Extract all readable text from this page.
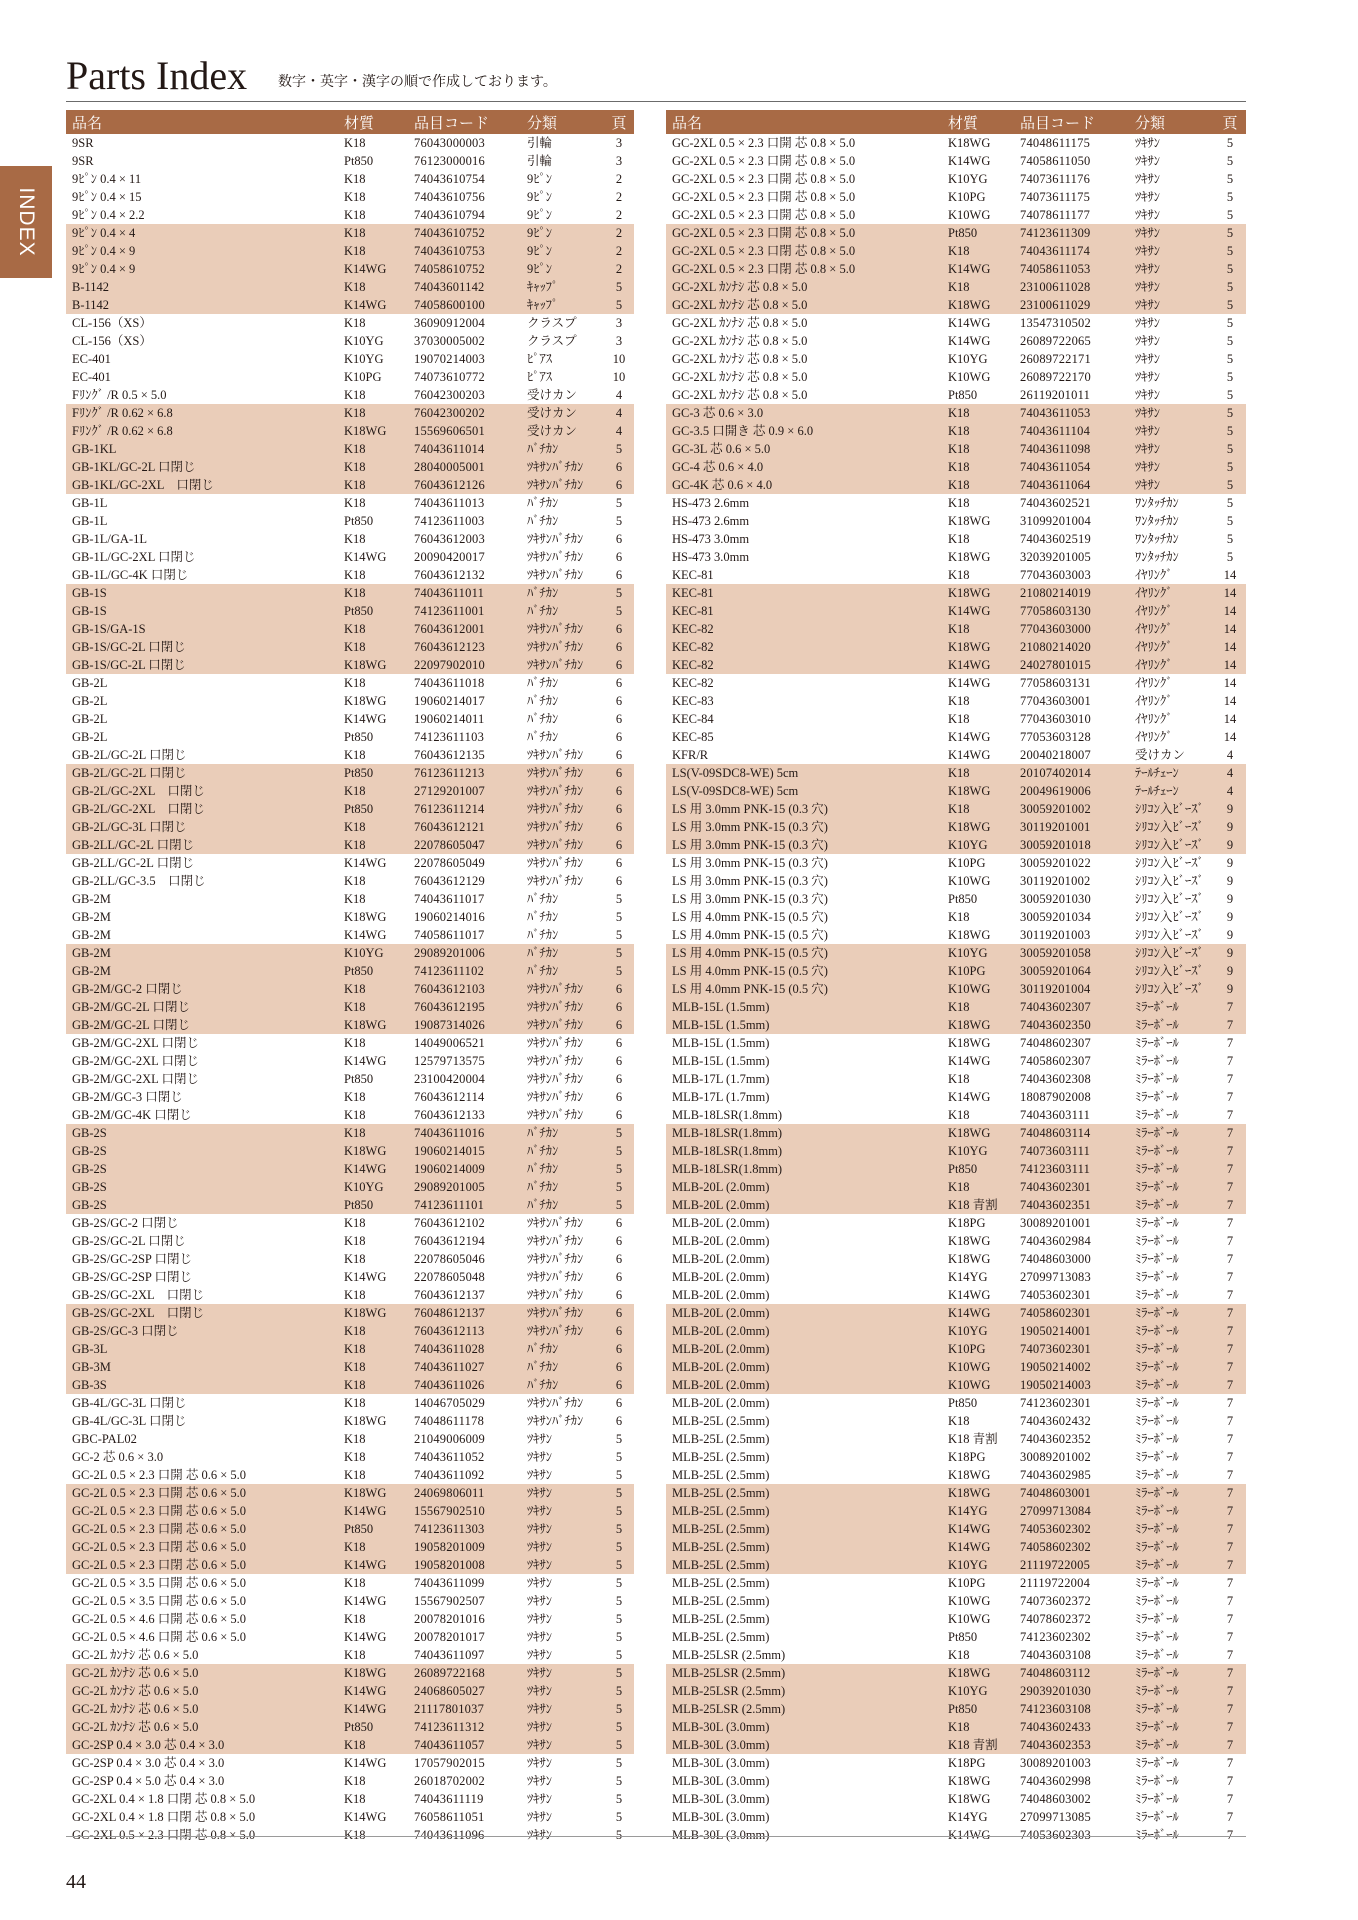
Parts Index 数字・英字・漢字の順で作成しております。
INDEX
品名	材質	品目コード	分類	頁
9SR	K18	76043000003	引輪	3
9SR	Pt850	76123000016	引輪	3
9ﾋﾟﾝ 0.4 × 11	K18	74043610754	9ﾋﾟﾝ	2
9ﾋﾟﾝ 0.4 × 15	K18	74043610756	9ﾋﾟﾝ	2
9ﾋﾟﾝ 0.4 × 2.2	K18	74043610794	9ﾋﾟﾝ	2
9ﾋﾟﾝ 0.4 × 4	K18	74043610752	9ﾋﾟﾝ	2
9ﾋﾟﾝ 0.4 × 9	K18	74043610753	9ﾋﾟﾝ	2
9ﾋﾟﾝ 0.4 × 9	K14WG	74058610752	9ﾋﾟﾝ	2
B-1142	K18	74043601142	ｷｬｯﾌﾟ	5
B-1142	K14WG	74058600100	ｷｬｯﾌﾟ	5
CL-156（XS）	K18	36090912004	クラスプ	3
CL-156（XS）	K10YG	37030005002	クラスプ	3
EC-401	K10YG	19070214003	ﾋﾟｱｽ	10
EC-401	K10PG	74073610772	ﾋﾟｱｽ	10
Fﾘﾝｸﾞ /R 0.5 × 5.0	K18	76042300203	受けカン	4
Fﾘﾝｸﾞ /R 0.62 × 6.8	K18	76042300202	受けカン	4
Fﾘﾝｸﾞ /R 0.62 × 6.8	K18WG	15569606501	受けカン	4
GB-1KL	K18	74043611014	ﾊﾞﾁｶﾝ	5
GB-1KL/GC-2L 口閉じ	K18	28040005001	ﾂｷｻﾝﾊﾞﾁｶﾝ	6
GB-1KL/GC-2XL　口閉じ	K18	76043612126	ﾂｷｻﾝﾊﾞﾁｶﾝ	6
GB-1L	K18	74043611013	ﾊﾞﾁｶﾝ	5
GB-1L	Pt850	74123611003	ﾊﾞﾁｶﾝ	5
GB-1L/GA-1L	K18	76043612003	ﾂｷｻﾝﾊﾞﾁｶﾝ	6
GB-1L/GC-2XL 口閉じ	K14WG	20090420017	ﾂｷｻﾝﾊﾞﾁｶﾝ	6
GB-1L/GC-4K 口閉じ	K18	76043612132	ﾂｷｻﾝﾊﾞﾁｶﾝ	6
GB-1S	K18	74043611011	ﾊﾞﾁｶﾝ	5
GB-1S	Pt850	74123611001	ﾊﾞﾁｶﾝ	5
GB-1S/GA-1S	K18	76043612001	ﾂｷｻﾝﾊﾞﾁｶﾝ	6
GB-1S/GC-2L 口閉じ	K18	76043612123	ﾂｷｻﾝﾊﾞﾁｶﾝ	6
GB-1S/GC-2L 口閉じ	K18WG	22097902010	ﾂｷｻﾝﾊﾞﾁｶﾝ	6
GB-2L	K18	74043611018	ﾊﾞﾁｶﾝ	6
GB-2L	K18WG	19060214017	ﾊﾞﾁｶﾝ	6
GB-2L	K14WG	19060214011	ﾊﾞﾁｶﾝ	6
GB-2L	Pt850	74123611103	ﾊﾞﾁｶﾝ	6
GB-2L/GC-2L 口閉じ	K18	76043612135	ﾂｷｻﾝﾊﾞﾁｶﾝ	6
GB-2L/GC-2L 口閉じ	Pt850	76123611213	ﾂｷｻﾝﾊﾞﾁｶﾝ	6
GB-2L/GC-2XL　口閉じ	K18	27129201007	ﾂｷｻﾝﾊﾞﾁｶﾝ	6
GB-2L/GC-2XL　口閉じ	Pt850	76123611214	ﾂｷｻﾝﾊﾞﾁｶﾝ	6
GB-2L/GC-3L 口閉じ	K18	76043612121	ﾂｷｻﾝﾊﾞﾁｶﾝ	6
GB-2LL/GC-2L 口閉じ	K18	22078605047	ﾂｷｻﾝﾊﾞﾁｶﾝ	6
GB-2LL/GC-2L 口閉じ	K14WG	22078605049	ﾂｷｻﾝﾊﾞﾁｶﾝ	6
GB-2LL/GC-3.5　口閉じ	K18	76043612129	ﾂｷｻﾝﾊﾞﾁｶﾝ	6
GB-2M	K18	74043611017	ﾊﾞﾁｶﾝ	5
GB-2M	K18WG	19060214016	ﾊﾞﾁｶﾝ	5
GB-2M	K14WG	74058611017	ﾊﾞﾁｶﾝ	5
GB-2M	K10YG	29089201006	ﾊﾞﾁｶﾝ	5
GB-2M	Pt850	74123611102	ﾊﾞﾁｶﾝ	5
GB-2M/GC-2 口閉じ	K18	76043612103	ﾂｷｻﾝﾊﾞﾁｶﾝ	6
GB-2M/GC-2L 口閉じ	K18	76043612195	ﾂｷｻﾝﾊﾞﾁｶﾝ	6
GB-2M/GC-2L 口閉じ	K18WG	19087314026	ﾂｷｻﾝﾊﾞﾁｶﾝ	6
GB-2M/GC-2XL 口閉じ	K18	14049006521	ﾂｷｻﾝﾊﾞﾁｶﾝ	6
GB-2M/GC-2XL 口閉じ	K14WG	12579713575	ﾂｷｻﾝﾊﾞﾁｶﾝ	6
GB-2M/GC-2XL 口閉じ	Pt850	23100420004	ﾂｷｻﾝﾊﾞﾁｶﾝ	6
GB-2M/GC-3 口閉じ	K18	76043612114	ﾂｷｻﾝﾊﾞﾁｶﾝ	6
GB-2M/GC-4K 口閉じ	K18	76043612133	ﾂｷｻﾝﾊﾞﾁｶﾝ	6
GB-2S	K18	74043611016	ﾊﾞﾁｶﾝ	5
GB-2S	K18WG	19060214015	ﾊﾞﾁｶﾝ	5
GB-2S	K14WG	19060214009	ﾊﾞﾁｶﾝ	5
GB-2S	K10YG	29089201005	ﾊﾞﾁｶﾝ	5
GB-2S	Pt850	74123611101	ﾊﾞﾁｶﾝ	5
GB-2S/GC-2 口閉じ	K18	76043612102	ﾂｷｻﾝﾊﾞﾁｶﾝ	6
GB-2S/GC-2L 口閉じ	K18	76043612194	ﾂｷｻﾝﾊﾞﾁｶﾝ	6
GB-2S/GC-2SP 口閉じ	K18	22078605046	ﾂｷｻﾝﾊﾞﾁｶﾝ	6
GB-2S/GC-2SP 口閉じ	K14WG	22078605048	ﾂｷｻﾝﾊﾞﾁｶﾝ	6
GB-2S/GC-2XL　口閉じ	K18	76043612137	ﾂｷｻﾝﾊﾞﾁｶﾝ	6
GB-2S/GC-2XL　口閉じ	K18WG	76048612137	ﾂｷｻﾝﾊﾞﾁｶﾝ	6
GB-2S/GC-3 口閉じ	K18	76043612113	ﾂｷｻﾝﾊﾞﾁｶﾝ	6
GB-3L	K18	74043611028	ﾊﾞﾁｶﾝ	6
GB-3M	K18	74043611027	ﾊﾞﾁｶﾝ	6
GB-3S	K18	74043611026	ﾊﾞﾁｶﾝ	6
GB-4L/GC-3L 口閉じ	K18	14046705029	ﾂｷｻﾝﾊﾞﾁｶﾝ	6
GB-4L/GC-3L 口閉じ	K18WG	74048611178	ﾂｷｻﾝﾊﾞﾁｶﾝ	6
GBC-PAL02	K18	21049006009	ﾂｷｻﾝ	5
GC-2 芯 0.6 × 3.0	K18	74043611052	ﾂｷｻﾝ	5
GC-2L 0.5 × 2.3 口開 芯 0.6 × 5.0	K18	74043611092	ﾂｷｻﾝ	5
GC-2L 0.5 × 2.3 口開 芯 0.6 × 5.0	K18WG	24069806011	ﾂｷｻﾝ	5
GC-2L 0.5 × 2.3 口開 芯 0.6 × 5.0	K14WG	15567902510	ﾂｷｻﾝ	5
GC-2L 0.5 × 2.3 口開 芯 0.6 × 5.0	Pt850	74123611303	ﾂｷｻﾝ	5
GC-2L 0.5 × 2.3 口閉 芯 0.6 × 5.0	K18	19058201009	ﾂｷｻﾝ	5
GC-2L 0.5 × 2.3 口閉 芯 0.6 × 5.0	K14WG	19058201008	ﾂｷｻﾝ	5
GC-2L 0.5 × 3.5 口開 芯 0.6 × 5.0	K18	74043611099	ﾂｷｻﾝ	5
GC-2L 0.5 × 3.5 口開 芯 0.6 × 5.0	K14WG	15567902507	ﾂｷｻﾝ	5
GC-2L 0.5 × 4.6 口開 芯 0.6 × 5.0	K18	20078201016	ﾂｷｻﾝ	5
GC-2L 0.5 × 4.6 口開 芯 0.6 × 5.0	K14WG	20078201017	ﾂｷｻﾝ	5
GC-2L ｶﾝﾅｼ 芯 0.6 × 5.0	K18	74043611097	ﾂｷｻﾝ	5
GC-2L ｶﾝﾅｼ 芯 0.6 × 5.0	K18WG	26089722168	ﾂｷｻﾝ	5
GC-2L ｶﾝﾅｼ 芯 0.6 × 5.0	K14WG	24068605027	ﾂｷｻﾝ	5
GC-2L ｶﾝﾅｼ 芯 0.6 × 5.0	K14WG	21117801037	ﾂｷｻﾝ	5
GC-2L ｶﾝﾅｼ 芯 0.6 × 5.0	Pt850	74123611312	ﾂｷｻﾝ	5
GC-2SP 0.4 × 3.0 芯 0.4 × 3.0	K18	74043611057	ﾂｷｻﾝ	5
GC-2SP 0.4 × 3.0 芯 0.4 × 3.0	K14WG	17057902015	ﾂｷｻﾝ	5
GC-2SP 0.4 × 5.0 芯 0.4 × 3.0	K18	26018702002	ﾂｷｻﾝ	5
GC-2XL 0.4 × 1.8 口閉 芯 0.8 × 5.0	K18	74043611119	ﾂｷｻﾝ	5
GC-2XL 0.4 × 1.8 口閉 芯 0.8 × 5.0	K14WG	76058611051	ﾂｷｻﾝ	5
GC-2XL 0.5 × 2.3 口閉 芯 0.8 × 5.0	K18	74043611096	ﾂｷｻﾝ	5
品名	材質	品目コード	分類	頁
GC-2XL 0.5 × 2.3 口開 芯 0.8 × 5.0	K18WG	74048611175	ﾂｷｻﾝ	5
GC-2XL 0.5 × 2.3 口開 芯 0.8 × 5.0	K14WG	74058611050	ﾂｷｻﾝ	5
GC-2XL 0.5 × 2.3 口開 芯 0.8 × 5.0	K10YG	74073611176	ﾂｷｻﾝ	5
GC-2XL 0.5 × 2.3 口開 芯 0.8 × 5.0	K10PG	74073611175	ﾂｷｻﾝ	5
GC-2XL 0.5 × 2.3 口開 芯 0.8 × 5.0	K10WG	74078611177	ﾂｷｻﾝ	5
GC-2XL 0.5 × 2.3 口開 芯 0.8 × 5.0	Pt850	74123611309	ﾂｷｻﾝ	5
GC-2XL 0.5 × 2.3 口閉 芯 0.8 × 5.0	K18	74043611174	ﾂｷｻﾝ	5
GC-2XL 0.5 × 2.3 口閉 芯 0.8 × 5.0	K14WG	74058611053	ﾂｷｻﾝ	5
GC-2XL ｶﾝﾅｼ 芯 0.8 × 5.0	K18	23100611028	ﾂｷｻﾝ	5
GC-2XL ｶﾝﾅｼ 芯 0.8 × 5.0	K18WG	23100611029	ﾂｷｻﾝ	5
GC-2XL ｶﾝﾅｼ 芯 0.8 × 5.0	K14WG	13547310502	ﾂｷｻﾝ	5
GC-2XL ｶﾝﾅｼ 芯 0.8 × 5.0	K14WG	26089722065	ﾂｷｻﾝ	5
GC-2XL ｶﾝﾅｼ 芯 0.8 × 5.0	K10YG	26089722171	ﾂｷｻﾝ	5
GC-2XL ｶﾝﾅｼ 芯 0.8 × 5.0	K10WG	26089722170	ﾂｷｻﾝ	5
GC-2XL ｶﾝﾅｼ 芯 0.8 × 5.0	Pt850	26119201011	ﾂｷｻﾝ	5
GC-3 芯 0.6 × 3.0	K18	74043611053	ﾂｷｻﾝ	5
GC-3.5 口開き 芯 0.9 × 6.0	K18	74043611104	ﾂｷｻﾝ	5
GC-3L 芯 0.6 × 5.0	K18	74043611098	ﾂｷｻﾝ	5
GC-4 芯 0.6 × 4.0	K18	74043611054	ﾂｷｻﾝ	5
GC-4K 芯 0.6 × 4.0	K18	74043611064	ﾂｷｻﾝ	5
HS-473 2.6mm	K18	74043602521	ﾜﾝﾀｯﾁｶﾝ	5
HS-473 2.6mm	K18WG	31099201004	ﾜﾝﾀｯﾁｶﾝ	5
HS-473 3.0mm	K18	74043602519	ﾜﾝﾀｯﾁｶﾝ	5
HS-473 3.0mm	K18WG	32039201005	ﾜﾝﾀｯﾁｶﾝ	5
KEC-81	K18	77043603003	ｲﾔﾘﾝｸﾞ	14
KEC-81	K18WG	21080214019	ｲﾔﾘﾝｸﾞ	14
KEC-81	K14WG	77058603130	ｲﾔﾘﾝｸﾞ	14
KEC-82	K18	77043603000	ｲﾔﾘﾝｸﾞ	14
KEC-82	K18WG	21080214020	ｲﾔﾘﾝｸﾞ	14
KEC-82	K14WG	24027801015	ｲﾔﾘﾝｸﾞ	14
KEC-82	K14WG	77058603131	ｲﾔﾘﾝｸﾞ	14
KEC-83	K18	77043603001	ｲﾔﾘﾝｸﾞ	14
KEC-84	K18	77043603010	ｲﾔﾘﾝｸﾞ	14
KEC-85	K14WG	77053603128	ｲﾔﾘﾝｸﾞ	14
KFR/R	K14WG	20040218007	受けカン	4
LS(V-09SDC8-WE) 5cm	K18	20107402014	ﾃｰﾙﾁｪｰﾝ	4
LS(V-09SDC8-WE) 5cm	K18WG	20049619006	ﾃｰﾙﾁｪｰﾝ	4
LS 用 3.0mm PNK-15 (0.3 穴)	K18	30059201002	ｼﾘｺﾝ入ﾋﾞｰｽﾞ	9
LS 用 3.0mm PNK-15 (0.3 穴)	K18WG	30119201001	ｼﾘｺﾝ入ﾋﾞｰｽﾞ	9
LS 用 3.0mm PNK-15 (0.3 穴)	K10YG	30059201018	ｼﾘｺﾝ入ﾋﾞｰｽﾞ	9
LS 用 3.0mm PNK-15 (0.3 穴)	K10PG	30059201022	ｼﾘｺﾝ入ﾋﾞｰｽﾞ	9
LS 用 3.0mm PNK-15 (0.3 穴)	K10WG	30119201002	ｼﾘｺﾝ入ﾋﾞｰｽﾞ	9
LS 用 3.0mm PNK-15 (0.3 穴)	Pt850	30059201030	ｼﾘｺﾝ入ﾋﾞｰｽﾞ	9
LS 用 4.0mm PNK-15 (0.5 穴)	K18	30059201034	ｼﾘｺﾝ入ﾋﾞｰｽﾞ	9
LS 用 4.0mm PNK-15 (0.5 穴)	K18WG	30119201003	ｼﾘｺﾝ入ﾋﾞｰｽﾞ	9
LS 用 4.0mm PNK-15 (0.5 穴)	K10YG	30059201058	ｼﾘｺﾝ入ﾋﾞｰｽﾞ	9
LS 用 4.0mm PNK-15 (0.5 穴)	K10PG	30059201064	ｼﾘｺﾝ入ﾋﾞｰｽﾞ	9
LS 用 4.0mm PNK-15 (0.5 穴)	K10WG	30119201004	ｼﾘｺﾝ入ﾋﾞｰｽﾞ	9
MLB-15L (1.5mm)	K18	74043602307	ﾐﾗｰﾎﾞｰﾙ	7
MLB-15L (1.5mm)	K18WG	74043602350	ﾐﾗｰﾎﾞｰﾙ	7
MLB-15L (1.5mm)	K18WG	74048602307	ﾐﾗｰﾎﾞｰﾙ	7
MLB-15L (1.5mm)	K14WG	74058602307	ﾐﾗｰﾎﾞｰﾙ	7
MLB-17L (1.7mm)	K18	74043602308	ﾐﾗｰﾎﾞｰﾙ	7
MLB-17L (1.7mm)	K14WG	18087902008	ﾐﾗｰﾎﾞｰﾙ	7
MLB-18LSR(1.8mm)	K18	74043603111	ﾐﾗｰﾎﾞｰﾙ	7
MLB-18LSR(1.8mm)	K18WG	74048603114	ﾐﾗｰﾎﾞｰﾙ	7
MLB-18LSR(1.8mm)	K10YG	74073603111	ﾐﾗｰﾎﾞｰﾙ	7
MLB-18LSR(1.8mm)	Pt850	74123603111	ﾐﾗｰﾎﾞｰﾙ	7
MLB-20L (2.0mm)	K18	74043602301	ﾐﾗｰﾎﾞｰﾙ	7
MLB-20L (2.0mm)	K18 青割	74043602351	ﾐﾗｰﾎﾞｰﾙ	7
MLB-20L (2.0mm)	K18PG	30089201001	ﾐﾗｰﾎﾞｰﾙ	7
MLB-20L (2.0mm)	K18WG	74043602984	ﾐﾗｰﾎﾞｰﾙ	7
MLB-20L (2.0mm)	K18WG	74048603000	ﾐﾗｰﾎﾞｰﾙ	7
MLB-20L (2.0mm)	K14YG	27099713083	ﾐﾗｰﾎﾞｰﾙ	7
MLB-20L (2.0mm)	K14WG	74053602301	ﾐﾗｰﾎﾞｰﾙ	7
MLB-20L (2.0mm)	K14WG	74058602301	ﾐﾗｰﾎﾞｰﾙ	7
MLB-20L (2.0mm)	K10YG	19050214001	ﾐﾗｰﾎﾞｰﾙ	7
MLB-20L (2.0mm)	K10PG	74073602301	ﾐﾗｰﾎﾞｰﾙ	7
MLB-20L (2.0mm)	K10WG	19050214002	ﾐﾗｰﾎﾞｰﾙ	7
MLB-20L (2.0mm)	K10WG	19050214003	ﾐﾗｰﾎﾞｰﾙ	7
MLB-20L (2.0mm)	Pt850	74123602301	ﾐﾗｰﾎﾞｰﾙ	7
MLB-25L (2.5mm)	K18	74043602432	ﾐﾗｰﾎﾞｰﾙ	7
MLB-25L (2.5mm)	K18 青割	74043602352	ﾐﾗｰﾎﾞｰﾙ	7
MLB-25L (2.5mm)	K18PG	30089201002	ﾐﾗｰﾎﾞｰﾙ	7
MLB-25L (2.5mm)	K18WG	74043602985	ﾐﾗｰﾎﾞｰﾙ	7
MLB-25L (2.5mm)	K18WG	74048603001	ﾐﾗｰﾎﾞｰﾙ	7
MLB-25L (2.5mm)	K14YG	27099713084	ﾐﾗｰﾎﾞｰﾙ	7
MLB-25L (2.5mm)	K14WG	74053602302	ﾐﾗｰﾎﾞｰﾙ	7
MLB-25L (2.5mm)	K14WG	74058602302	ﾐﾗｰﾎﾞｰﾙ	7
MLB-25L (2.5mm)	K10YG	21119722005	ﾐﾗｰﾎﾞｰﾙ	7
MLB-25L (2.5mm)	K10PG	21119722004	ﾐﾗｰﾎﾞｰﾙ	7
MLB-25L (2.5mm)	K10WG	74073602372	ﾐﾗｰﾎﾞｰﾙ	7
MLB-25L (2.5mm)	K10WG	74078602372	ﾐﾗｰﾎﾞｰﾙ	7
MLB-25L (2.5mm)	Pt850	74123602302	ﾐﾗｰﾎﾞｰﾙ	7
MLB-25LSR (2.5mm)	K18	74043603108	ﾐﾗｰﾎﾞｰﾙ	7
MLB-25LSR (2.5mm)	K18WG	74048603112	ﾐﾗｰﾎﾞｰﾙ	7
MLB-25LSR (2.5mm)	K10YG	29039201030	ﾐﾗｰﾎﾞｰﾙ	7
MLB-25LSR (2.5mm)	Pt850	74123603108	ﾐﾗｰﾎﾞｰﾙ	7
MLB-30L (3.0mm)	K18	74043602433	ﾐﾗｰﾎﾞｰﾙ	7
MLB-30L (3.0mm)	K18 青割	74043602353	ﾐﾗｰﾎﾞｰﾙ	7
MLB-30L (3.0mm)	K18PG	30089201003	ﾐﾗｰﾎﾞｰﾙ	7
MLB-30L (3.0mm)	K18WG	74043602998	ﾐﾗｰﾎﾞｰﾙ	7
MLB-30L (3.0mm)	K18WG	74048603002	ﾐﾗｰﾎﾞｰﾙ	7
MLB-30L (3.0mm)	K14YG	27099713085	ﾐﾗｰﾎﾞｰﾙ	7
MLB-30L (3.0mm)	K14WG	74053602303	ﾐﾗｰﾎﾞｰﾙ	7
44
